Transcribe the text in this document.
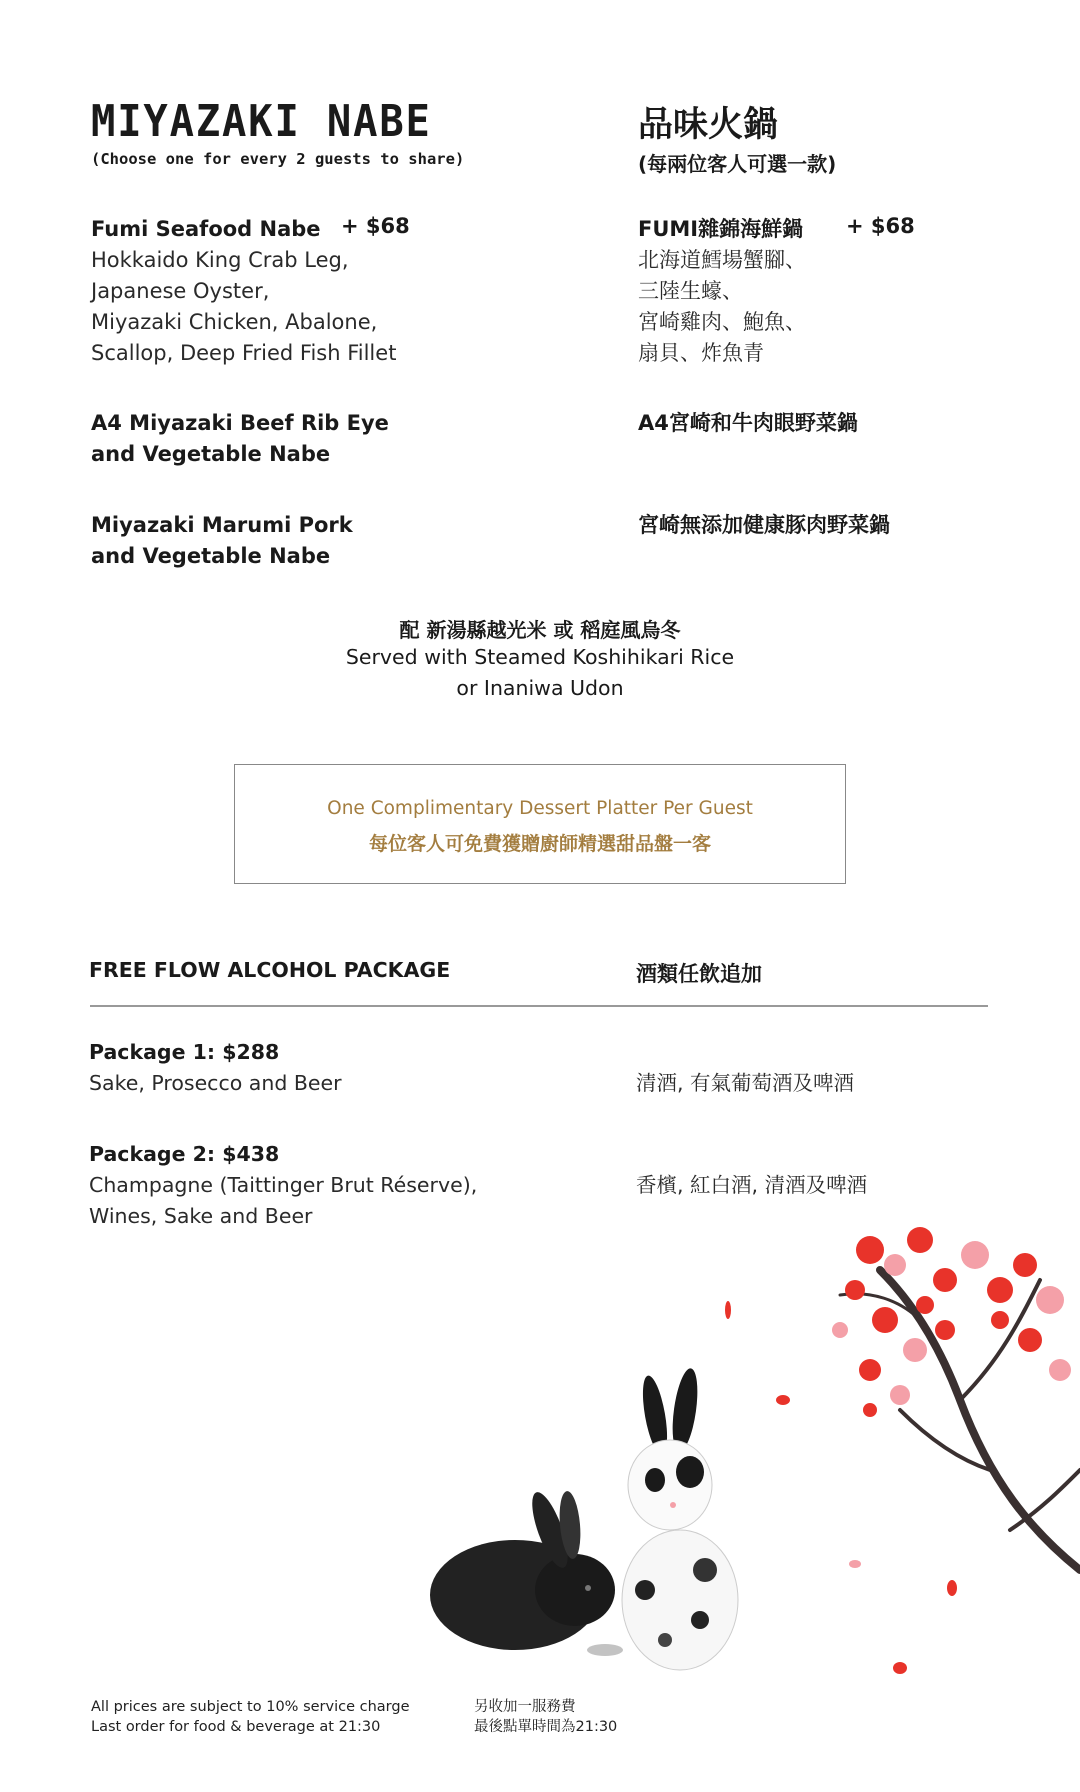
MIYAZAKI NABE
(Choose one for every 2 guests to share)
品味火鍋
(每兩位客人可選一款)
Fumi Seafood Nabe + $68
Hokkaido King Crab Leg,
Japanese Oyster,
Miyazaki Chicken, Abalone,
Scallop, Deep Fried Fish Fillet
FUMI雜錦海鮮鍋 + $68
北海道鱈場蟹腳、
三陸生蠔、
宮崎雞肉、鮑魚、
扇貝、炸魚青
A4 Miyazaki Beef Rib Eye
and Vegetable Nabe
A4宮崎和牛肉眼野菜鍋
Miyazaki Marumi Pork
and Vegetable Nabe
宮崎無添加健康豚肉野菜鍋
配 新湯縣越光米 或 稻庭風烏冬
Served with Steamed Koshihikari Rice
or Inaniwa Udon
One Complimentary Dessert Platter Per Guest
每位客人可免費獲贈廚師精選甜品盤一客
FREE FLOW ALCOHOL PACKAGE	酒類任飲追加
Package 1: $288
Sake, Prosecco and Beer	清酒, 有氣葡萄酒及啤酒
Package 2: $438
Champagne (Taittinger Brut Réserve),
Wines, Sake and Beer
香檳, 紅白酒, 清酒及啤酒
All prices are subject to 10% service charge
Last order for food & beverage at 21:30
另收加一服務費
最後點單時間為21:30
